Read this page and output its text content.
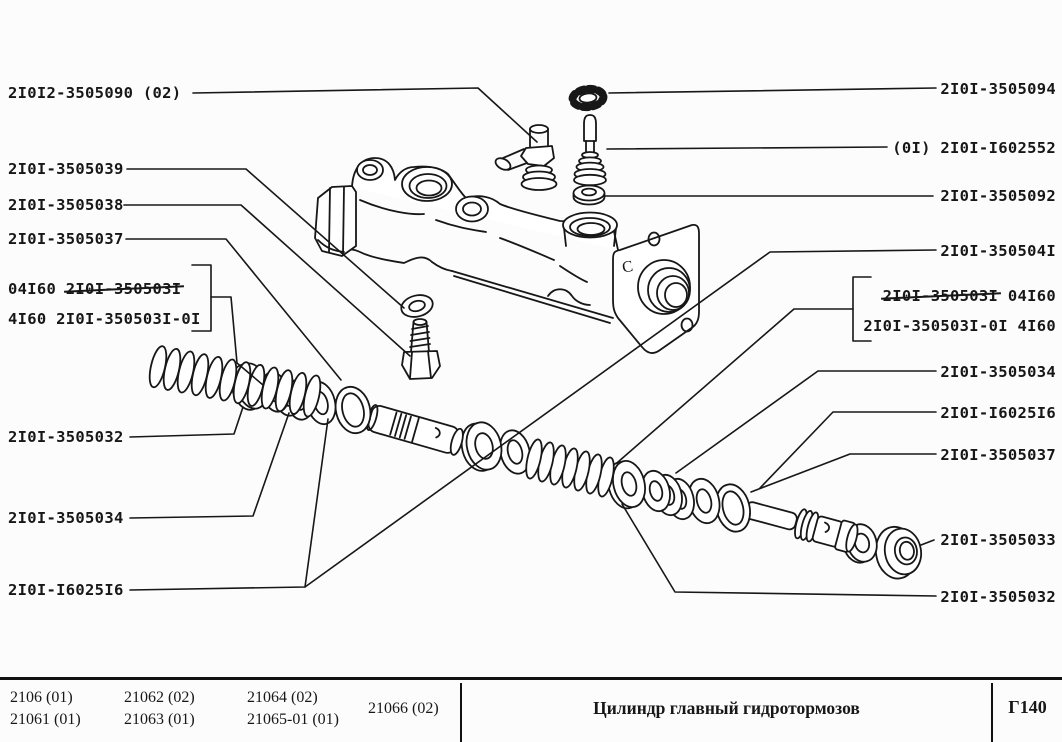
C
2I0I2-3505090 (02)
2I0I-3505039
2I0I-3505038
2I0I-3505037
04I60 2I0I-350503I
4I60 2I0I-350503I-0I
2I0I-3505032
2I0I-3505034
2I0I-I6025I6
2I0I-3505094
(0I) 2I0I-I602552
2I0I-3505092
2I0I-350504I
2I0I-350503I 04I60
2I0I-350503I-0I 4I60
2I0I-3505034
2I0I-I6025I6
2I0I-3505037
2I0I-3505033
2I0I-3505032
2106 (01)
21061 (01)
21062 (02)
21063 (01)
21064 (02)
21065-01 (01)
21066 (02)	Цилиндр главный гидротормозов	Г140
